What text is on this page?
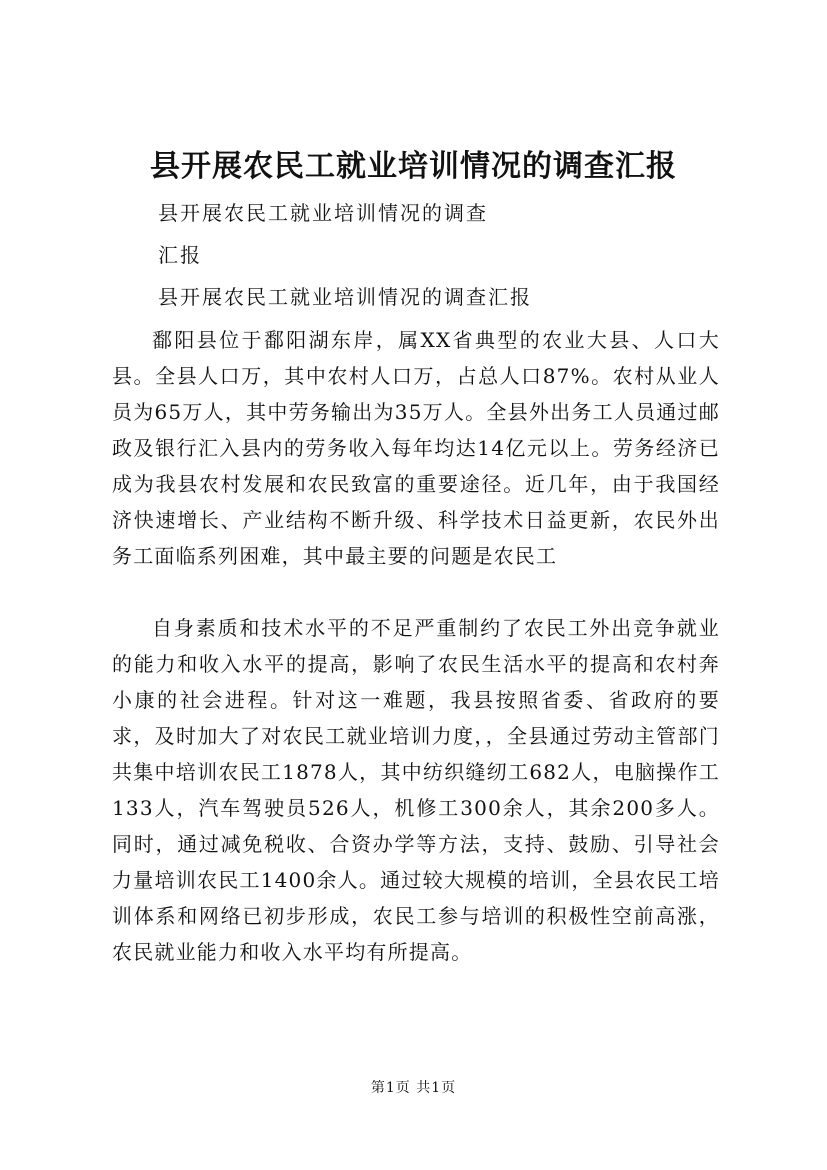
县开展农民工就业培训情况的调查汇报

县开展农民工就业培训情况的调查

汇报

县开展农民工就业培训情况的调查汇报

鄱阳县位于鄱阳湖东岸，属XX省典型的农业大县、人口大县。全县人口万，其中农村人口万，占总人口87%。农村从业人员为65万人，其中劳务输出为35万人。全县外出务工人员通过邮政及银行汇入县内的劳务收入每年均达14亿元以上。劳务经济已成为我县农村发展和农民致富的重要途径。近几年，由于我国经济快速增长、产业结构不断升级、科学技术日益更新，农民外出务工面临系列困难，其中最主要的问题是农民工

自身素质和技术水平的不足严重制约了农民工外出竞争就业的能力和收入水平的提高，影响了农民生活水平的提高和农村奔小康的社会进程。针对这一难题，我县按照省委、省政府的要求，及时加大了对农民工就业培训力度，，全县通过劳动主管部门共集中培训农民工1878人，其中纺织缝纫工682人，电脑操作工133人，汽车驾驶员526人，机修工300余人，其余200多人。同时，通过减免税收、合资办学等方法，支持、鼓励、引导社会力量培训农民工1400余人。通过较大规模的培训，全县农民工培训体系和网络已初步形成，农民工参与培训的积极性空前高涨，农民就业能力和收入水平均有所提高。

第1页 共1页
